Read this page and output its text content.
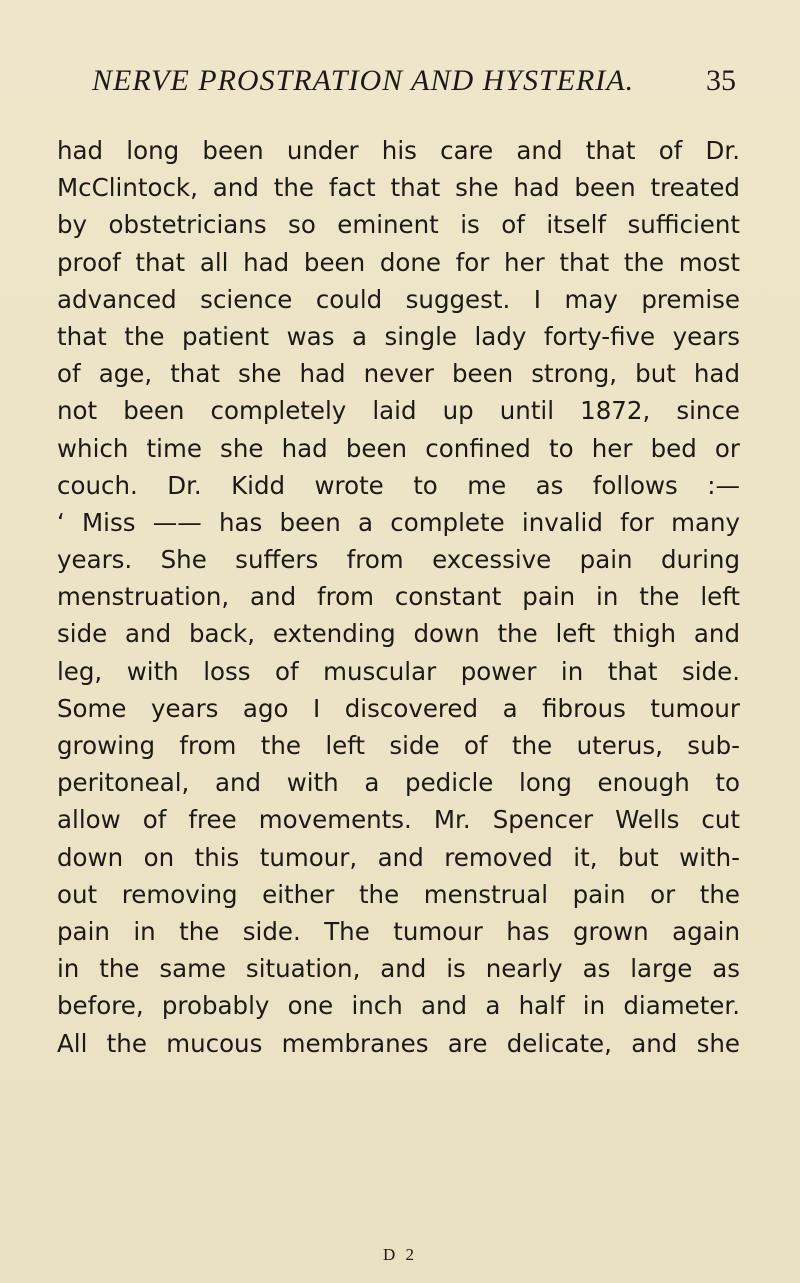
NERVE PROSTRATION AND HYSTERIA. 35
had long been under his care and that of Dr.
McClintock, and the fact that she had been treated
by obstetricians so eminent is of itself sufficient
proof that all had been done for her that the most
advanced science could suggest. I may premise
that the patient was a single lady forty-five years
of age, that she had never been strong, but had
not been completely laid up until 1872, since
which time she had been confined to her bed or
couch. Dr. Kidd wrote to me as follows :—
‘ Miss —— has been a complete invalid for many
years. She suffers from excessive pain during
menstruation, and from constant pain in the left
side and back, extending down the left thigh and
leg, with loss of muscular power in that side.
Some years ago I discovered a fibrous tumour
growing from the left side of the uterus, sub-
peritoneal, and with a pedicle long enough to
allow of free movements. Mr. Spencer Wells cut
down on this tumour, and removed it, but with-
out removing either the menstrual pain or the
pain in the side. The tumour has grown again
in the same situation, and is nearly as large as
before, probably one inch and a half in diameter.
All the mucous membranes are delicate, and she
D 2
